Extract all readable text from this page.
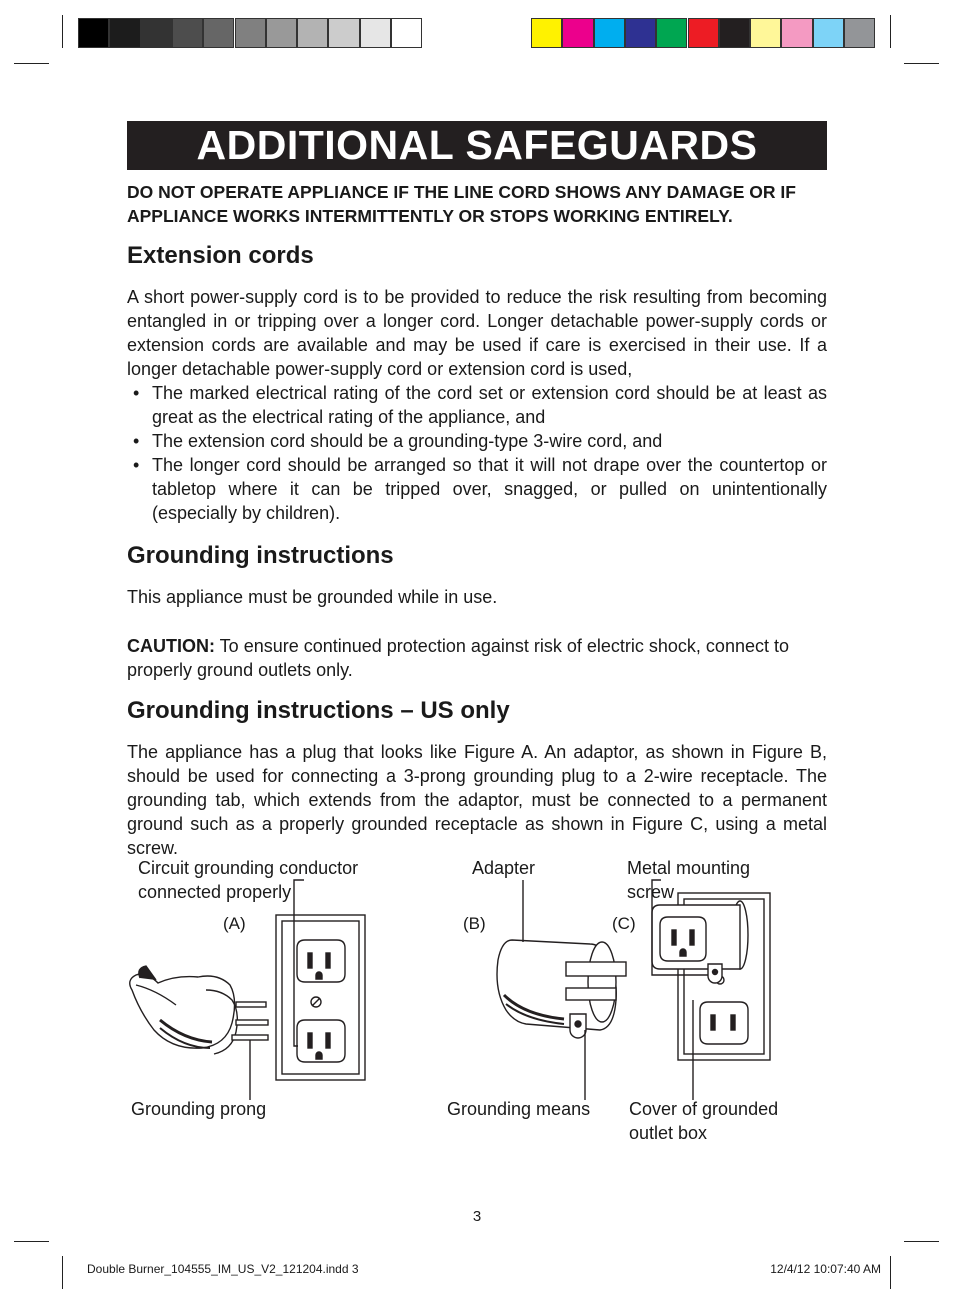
ADDITIONAL SAFEGUARDS
DO NOT OPERATE APPLIANCE IF THE LINE CORD SHOWS ANY DAMAGE OR IF APPLIANCE WORKS INTERMITTENTLY OR STOPS WORKING ENTIRELY.
Extension cords
A short power-supply cord is to be provided to reduce the risk resulting from becoming entangled in or tripping over a longer cord. Longer detachable power-supply cords or extension cords are available and may be used if care is exercised in their use. If a longer detachable power-supply cord or extension cord is used,
• The marked electrical rating of the cord set or extension cord should be at least as great as the electrical rating of the appliance, and
• The extension cord should be a grounding-type 3-wire cord, and
• The longer cord should be arranged so that it will not drape over the countertop or tabletop where it can be tripped over, snagged, or pulled on unintentionally (especially by children).
Grounding instructions
This appliance must be grounded while in use.
CAUTION: To ensure continued protection against risk of electric shock, connect to properly ground outlets only.
Grounding instructions – US only
The appliance has a plug that looks like Figure A. An adaptor, as shown in Figure B, should be used for connecting a 3-prong grounding plug to a 2-wire receptacle. The grounding tab, which extends from the adaptor, must be connected to a permanent ground such as a properly grounded receptacle as shown in Figure C, using a metal screw.
Circuit grounding conductor
connected properly
(A)
Adapter
(B)	(C)
Metal mounting
screw
Grounding prong	Grounding means Cover of grounded
outlet box
3
Double Burner_104555_IM_US_V2_121204.indd 3	12/4/12 10:07:40 AM
